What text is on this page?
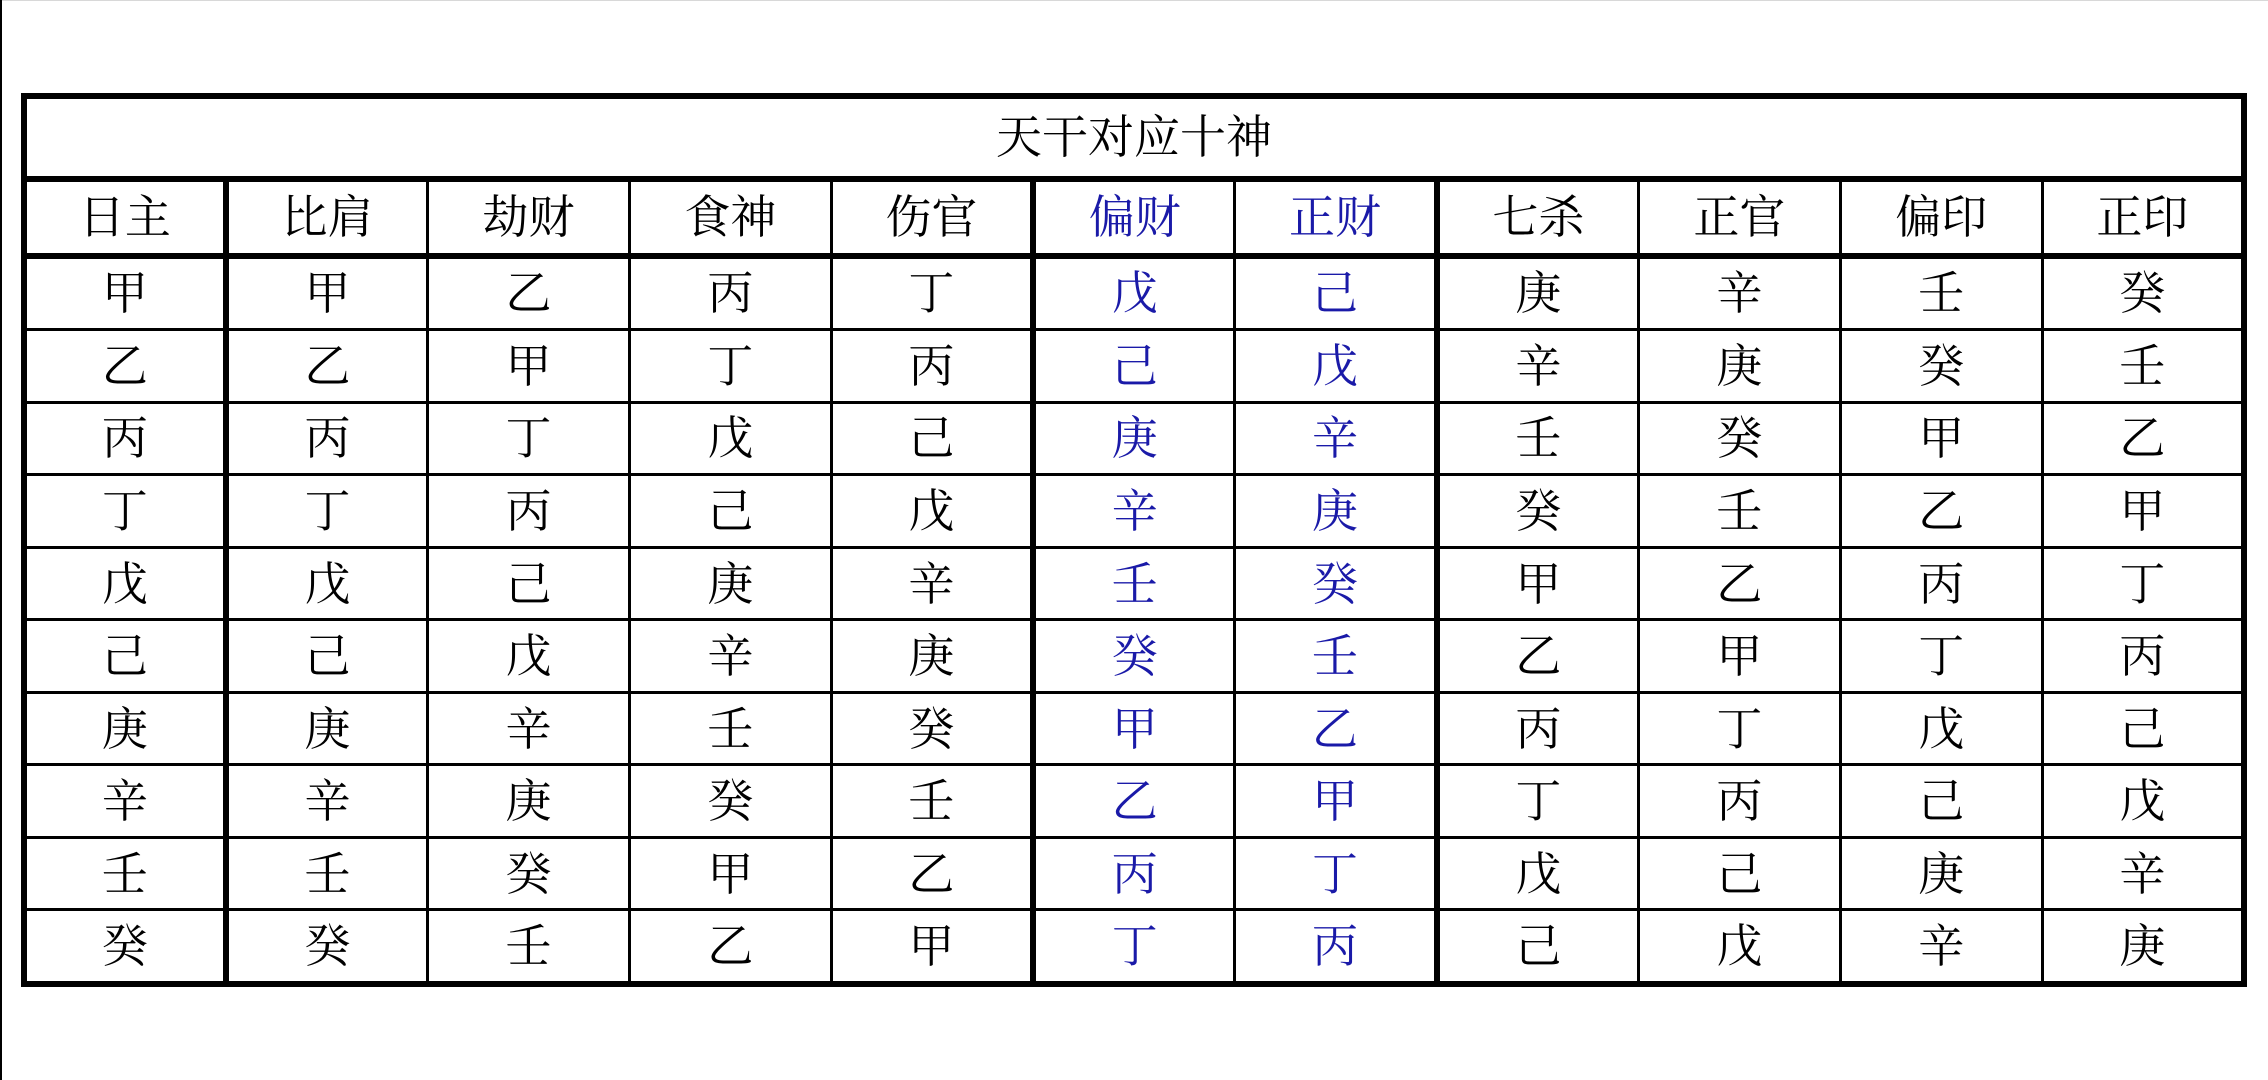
天干对应十神										
日主	比肩	劫财	食神	伤官	偏财	正财	七杀	正官	偏印	正印
甲	甲	乙	丙	丁	戊	己	庚	辛	壬	癸
乙	乙	甲	丁	丙	己	戊	辛	庚	癸	壬
丙	丙	丁	戊	己	庚	辛	壬	癸	甲	乙
丁	丁	丙	己	戊	辛	庚	癸	壬	乙	甲
戊	戊	己	庚	辛	壬	癸	甲	乙	丙	丁
己	己	戊	辛	庚	癸	壬	乙	甲	丁	丙
庚	庚	辛	壬	癸	甲	乙	丙	丁	戊	己
辛	辛	庚	癸	壬	乙	甲	丁	丙	己	戊
壬	壬	癸	甲	乙	丙	丁	戊	己	庚	辛
癸	癸	壬	乙	甲	丁	丙	己	戊	辛	庚
